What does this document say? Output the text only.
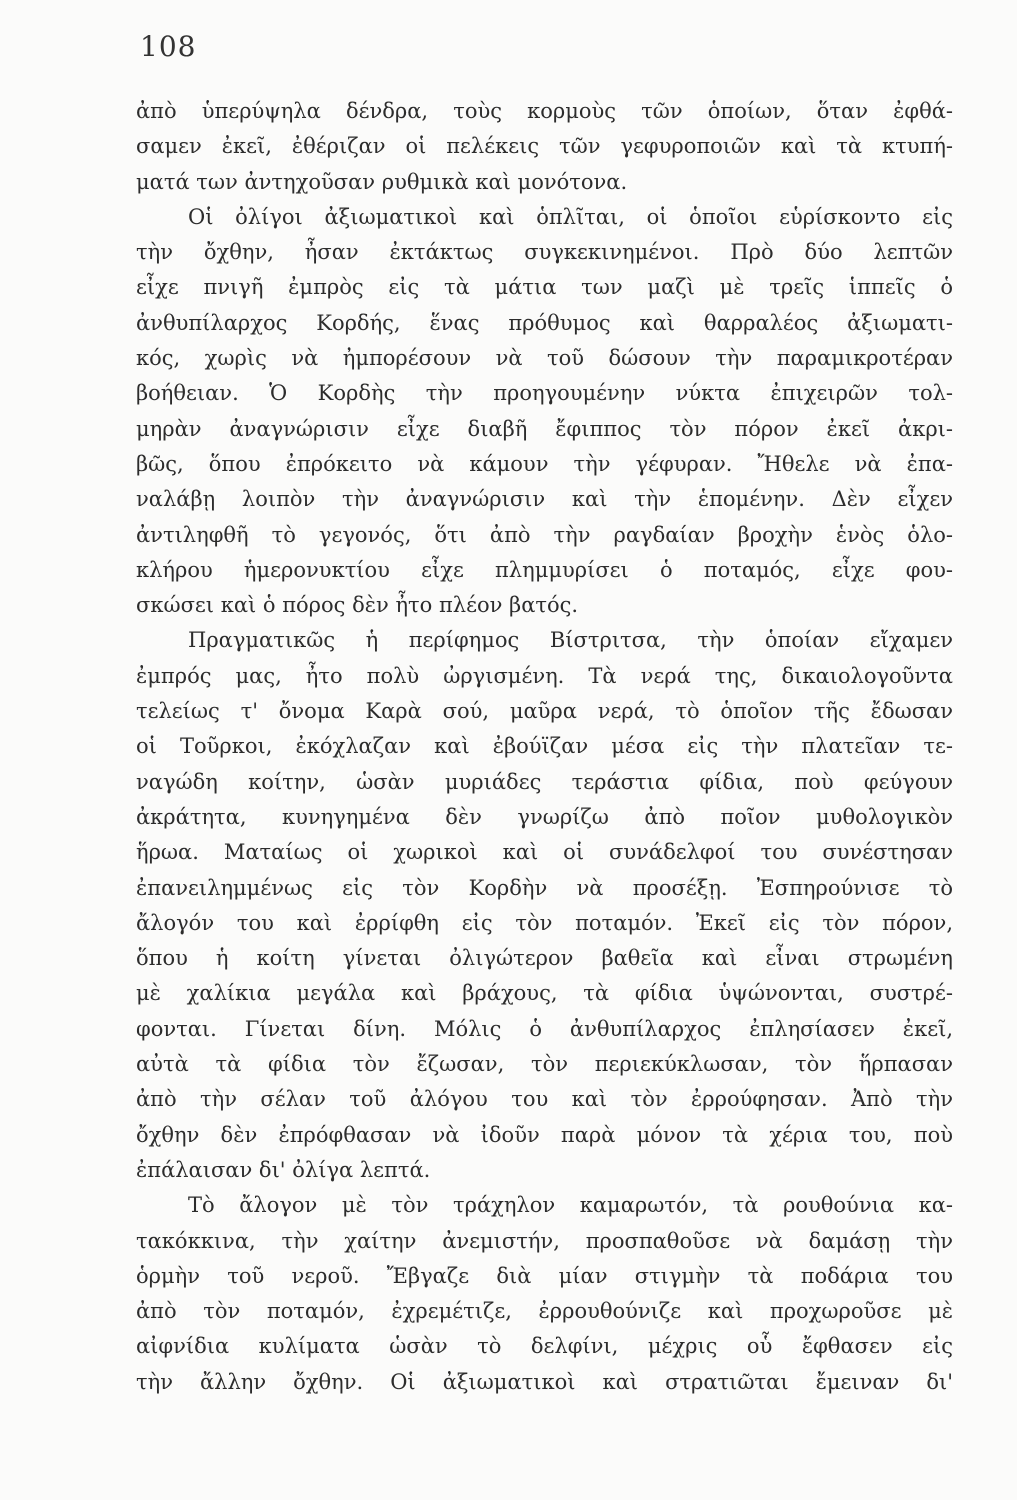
108
ἀπὸ ὑπερύψηλα δένδρα, τοὺς κορμοὺς τῶν ὁποίων, ὅταν ἐφθά-
σαμεν ἐκεῖ, ἐθέριζαν οἱ πελέκεις τῶν γεφυροποιῶν καὶ τὰ κτυπή-
ματά των ἀντηχοῦσαν ρυθμικὰ καὶ μονότονα.
Οἱ ὀλίγοι ἀξιωματικοὶ καὶ ὁπλῖται, οἱ ὁποῖοι εὑρίσκοντο εἰς
τὴν ὄχθην, ἦσαν ἐκτάκτως συγκεκινημένοι. Πρὸ δύο λεπτῶν
εἶχε πνιγῆ ἐμπρὸς εἰς τὰ μάτια των μαζὶ μὲ τρεῖς ἱππεῖς ὁ
ἀνθυπίλαρχος Κορδής, ἕνας πρόθυμος καὶ θαρραλέος ἀξιωματι-
κός, χωρὶς νὰ ἠμπορέσουν νὰ τοῦ δώσουν τὴν παραμικροτέραν
βοήθειαν. Ὁ Κορδὴς τὴν προηγουμένην νύκτα ἐπιχειρῶν τολ-
μηρὰν ἀναγνώρισιν εἶχε διαβῆ ἔφιππος τὸν πόρον ἐκεῖ ἀκρι-
βῶς, ὅπου ἐπρόκειτο νὰ κάμουν τὴν γέφυραν. Ἤθελε νὰ ἐπα-
ναλάβῃ λοιπὸν τὴν ἀναγνώρισιν καὶ τὴν ἑπομένην. Δὲν εἶχεν
ἀντιληφθῆ τὸ γεγονός, ὅτι ἀπὸ τὴν ραγδαίαν βροχὴν ἑνὸς ὁλο-
κλήρου ἡμερονυκτίου εἶχε πλημμυρίσει ὁ ποταμός, εἶχε φου-
σκώσει καὶ ὁ πόρος δὲν ἦτο πλέον βατός.
Πραγματικῶς ἡ περίφημος Βίστριτσα, τὴν ὁποίαν εἴχαμεν
ἐμπρός μας, ἦτο πολὺ ὠργισμένη. Τὰ νερά της, δικαιολογοῦντα
τελείως τ' ὄνομα Καρὰ σού, μαῦρα νερά, τὸ ὁποῖον τῆς ἔδωσαν
οἱ Τοῦρκοι, ἐκόχλαζαν καὶ ἐβούϊζαν μέσα εἰς τὴν πλατεῖαν τε-
ναγώδη κοίτην, ὡσὰν μυριάδες τεράστια φίδια, ποὺ φεύγουν
ἀκράτητα, κυνηγημένα δὲν γνωρίζω ἀπὸ ποῖον μυθολογικὸν
ἥρωα. Ματαίως οἱ χωρικοὶ καὶ οἱ συνάδελφοί του συνέστησαν
ἐπανειλημμένως εἰς τὸν Κορδὴν νὰ προσέξῃ. Ἐσπηρούνισε τὸ
ἄλογόν του καὶ ἐρρίφθη εἰς τὸν ποταμόν. Ἐκεῖ εἰς τὸν πόρον,
ὅπου ἡ κοίτη γίνεται ὀλιγώτερον βαθεῖα καὶ εἶναι στρωμένη
μὲ χαλίκια μεγάλα καὶ βράχους, τὰ φίδια ὑψώνονται, συστρέ-
φονται. Γίνεται δίνη. Μόλις ὁ ἀνθυπίλαρχος ἐπλησίασεν ἐκεῖ,
αὐτὰ τὰ φίδια τὸν ἔζωσαν, τὸν περιεκύκλωσαν, τὸν ἥρπασαν
ἀπὸ τὴν σέλαν τοῦ ἀλόγου του καὶ τὸν ἐρρούφησαν. Ἀπὸ τὴν
ὄχθην δὲν ἐπρόφθασαν νὰ ἰδοῦν παρὰ μόνον τὰ χέρια του, ποὺ
ἐπάλαισαν δι' ὀλίγα λεπτά.
Τὸ ἄλογον μὲ τὸν τράχηλον καμαρωτόν, τὰ ρουθούνια κα-
τακόκκινα, τὴν χαίτην ἀνεμιστήν, προσπαθοῦσε νὰ δαμάσῃ τὴν
ὁρμὴν τοῦ νεροῦ. Ἔβγαζε διὰ μίαν στιγμὴν τὰ ποδάρια του
ἀπὸ τὸν ποταμόν, ἐχρεμέτιζε, ἐρρουθούνιζε καὶ προχωροῦσε μὲ
αἰφνίδια κυλίματα ὡσὰν τὸ δελφίνι, μέχρις οὗ ἔφθασεν εἰς
τὴν ἄλλην ὄχθην. Οἱ ἀξιωματικοὶ καὶ στρατιῶται ἔμειναν δι'
